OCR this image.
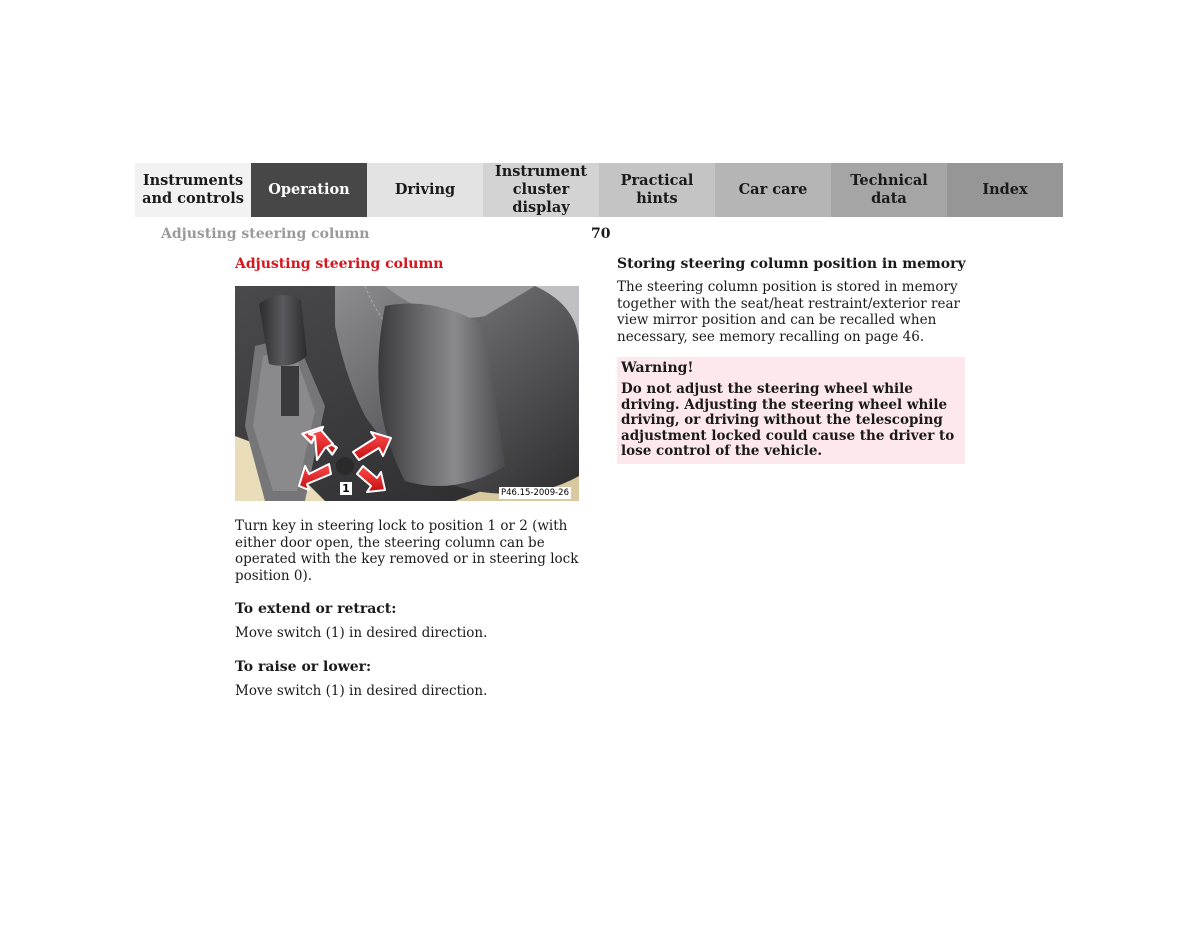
Instruments
and controls
Operation	Driving
Instrument
cluster display
Practical hints
Car care
Technical
data
Index
Adjusting steering column	70
Adjusting steering column
1	P46.15-2009-26

Turn key in steering lock to position 1 or 2 (with either door open, the steering column can be operated with the key removed or in steering lock position 0).

To extend or retract:

Move switch (1) in desired direction.

To raise or lower:

Move switch (1) in desired direction.

Storing steering column position in memory

The steering column position is stored in memory together with the seat/heat restraint/exterior rear view mirror position and can be recalled when necessary, see memory recalling on page 46.

Warning!

Do not adjust the steering wheel while driving. Adjusting the steering wheel while driving, or driving without the telescoping adjustment locked could cause the driver to lose control of the vehicle.
